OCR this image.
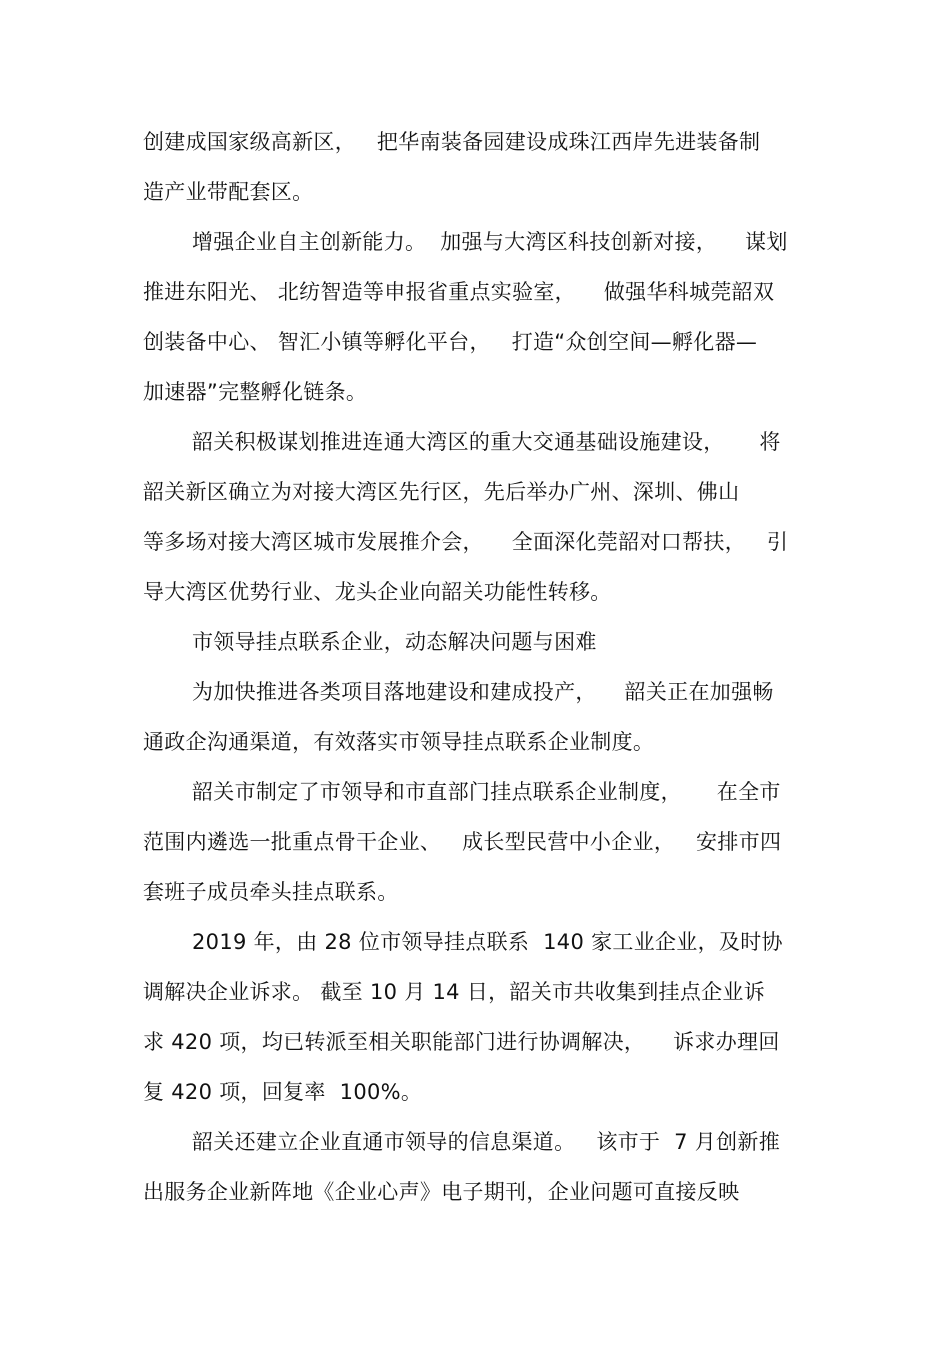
创建成国家级高新区，   把华南装备园建设成珠江西岸先进装备制
造产业带配套区。
增强企业自主创新能力。  加强与大湾区科技创新对接，    谋划
推进东阳光、 北纺智造等申报省重点实验室，    做强华科城莞韶双
创装备中心、 智汇小镇等孵化平台，   打造“众创空间—孵化器—
加速器”完整孵化链条。
韶关积极谋划推进连通大湾区的重大交通基础设施建设，     将
韶关新区确立为对接大湾区先行区，先后举办广州、深圳、佛山
等多场对接大湾区城市发展推介会，    全面深化莞韶对口帮扶，   引
导大湾区优势行业、龙头企业向韶关功能性转移。
市领导挂点联系企业，动态解决问题与困难
为加快推进各类项目落地建设和建成投产，    韶关正在加强畅
通政企沟通渠道，有效落实市领导挂点联系企业制度。
韶关市制定了市领导和市直部门挂点联系企业制度，     在全市
范围内遴选一批重点骨干企业、   成长型民营中小企业，   安排市四
套班子成员牵头挂点联系。
2019 年，由 28 位市领导挂点联系  140 家工业企业，及时协
调解决企业诉求。 截至 10 月 14 日，韶关市共收集到挂点企业诉
求 420 项，均已转派至相关职能部门进行协调解决，    诉求办理回
复 420 项，回复率  100%。
韶关还建立企业直通市领导的信息渠道。   该市于  7 月创新推
出服务企业新阵地《企业心声》电子期刊，企业问题可直接反映
